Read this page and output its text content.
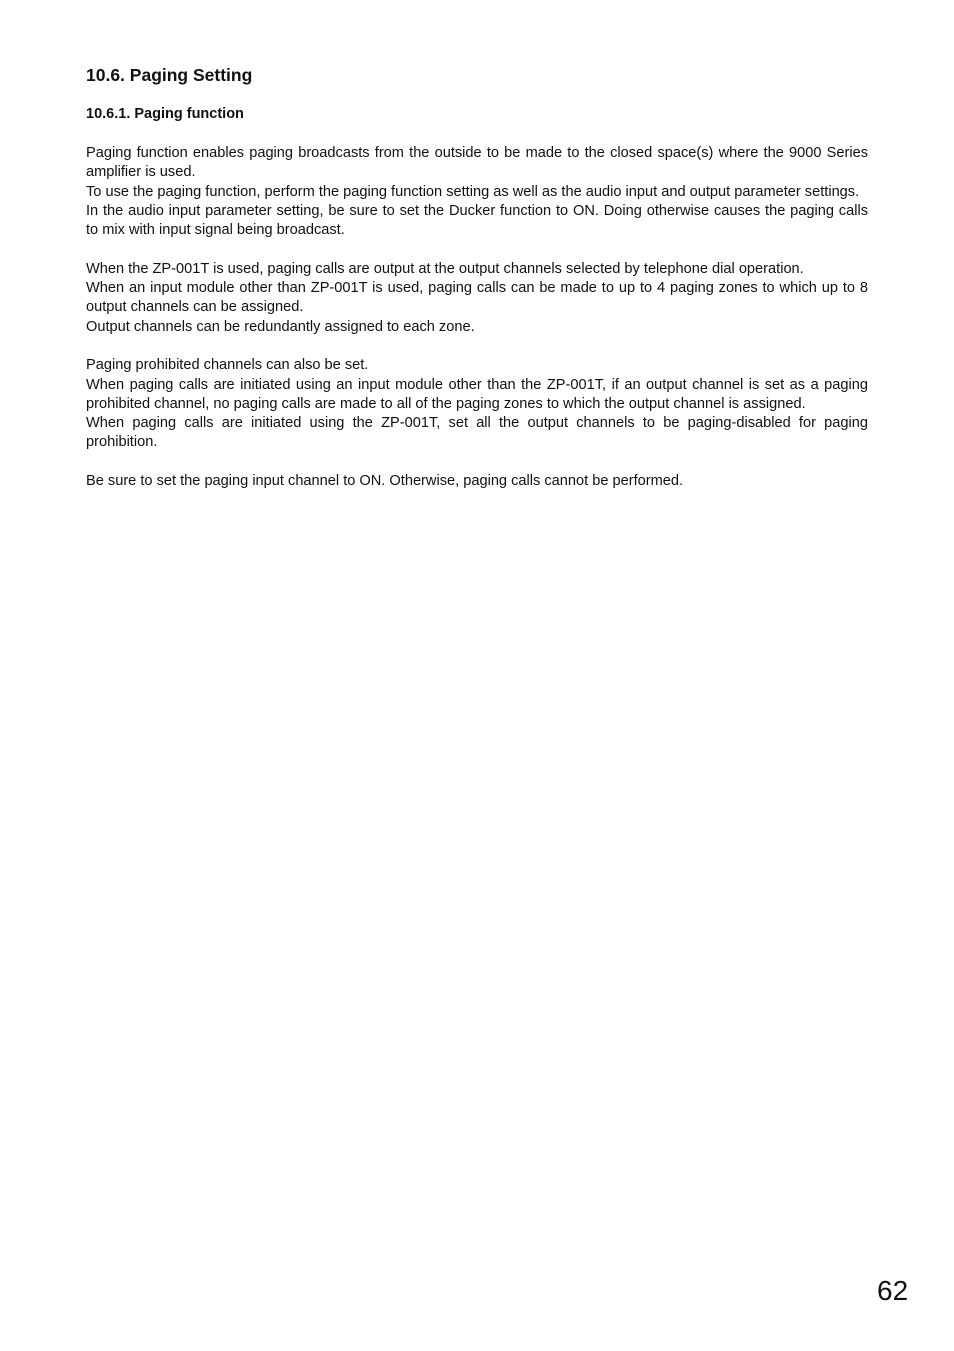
10.6. Paging Setting
10.6.1. Paging function

Paging function enables paging broadcasts from the outside to be made to the closed space(s) where the 9000 Series amplifier is used.

To use the paging function, perform the paging function setting as well as the audio input and output parameter settings.

In the audio input parameter setting, be sure to set the Ducker function to ON. Doing otherwise causes the paging calls to mix with input signal being broadcast.

When the ZP-001T is used, paging calls are output at the output channels selected by telephone dial operation.

When an input module other than ZP-001T is used, paging calls can be made to up to 4 paging zones to which up to 8 output channels can be assigned.

Output channels can be redundantly assigned to each zone.

Paging prohibited channels can also be set.

When paging calls are initiated using an input module other than the ZP-001T, if an output channel is set as a paging prohibited channel, no paging calls are made to all of the paging zones to which the output channel is assigned.

When paging calls are initiated using the ZP-001T, set all the output channels to be paging-disabled for paging prohibition.

Be sure to set the paging input channel to ON. Otherwise, paging calls cannot be performed.

62
